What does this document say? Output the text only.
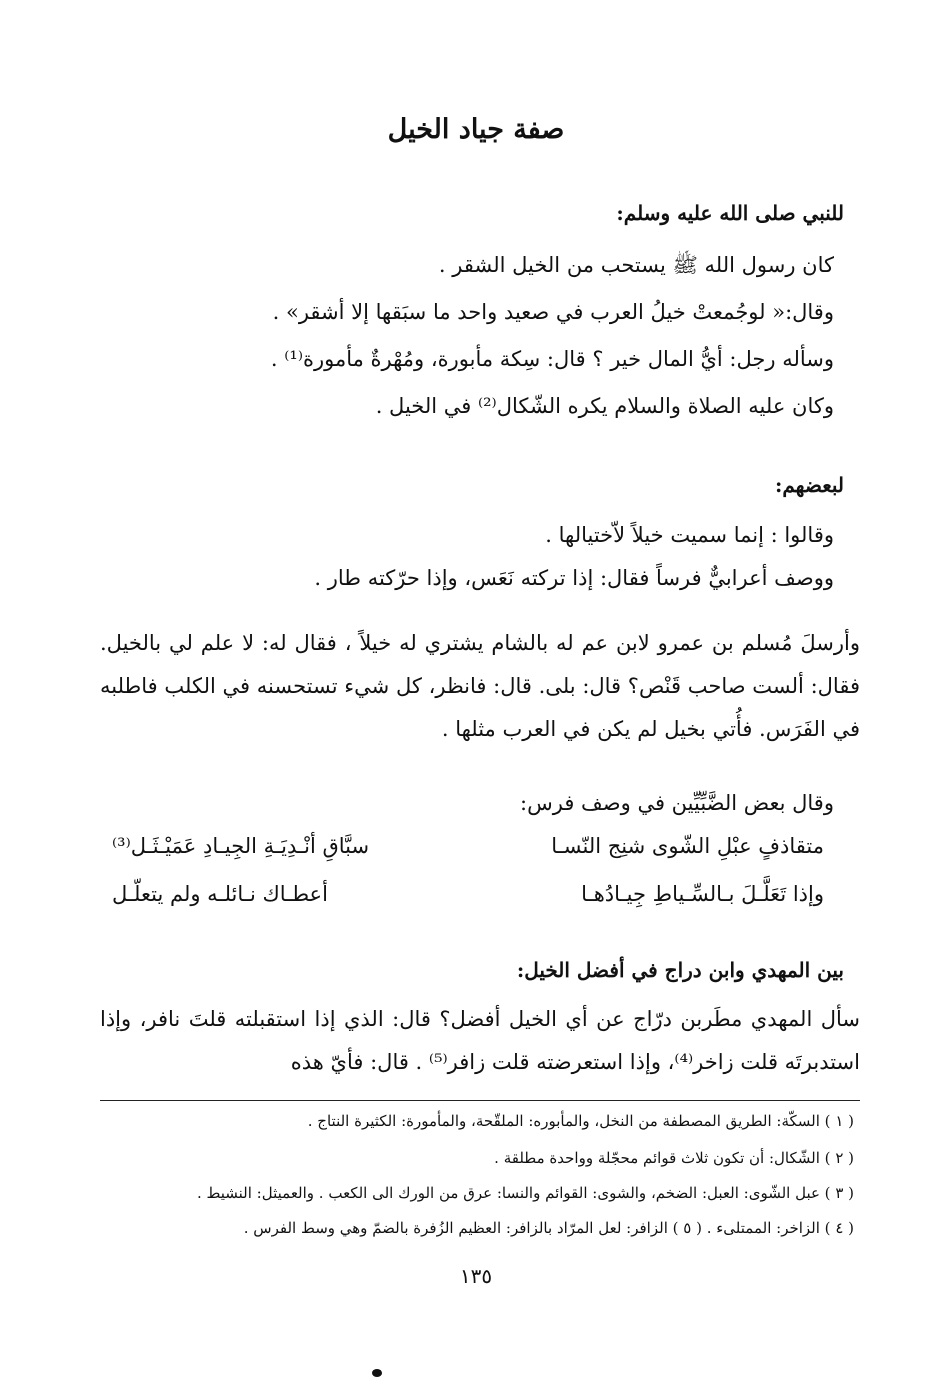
صفة جياد الخيل
للنبي صلى الله عليه وسلم:
كان رسول الله ﷺ يستحب من الخيل الشقر .
وقال:« لوجُمعتْ خيلُ العرب في صعيد واحد ما سبَقها إلا أشقر» .
وسأله رجل: أيُّ المال خير ؟ قال: سِكة مأبورة، ومُهْرةٌ مأمورة⁽¹⁾ .
وكان عليه الصلاة والسلام يكره الشّكال⁽²⁾ في الخيل .
لبعضهم:
وقالوا : إنما سميت خيلاً لاّختيالها .
ووصف أعرابيٌّ فرساً فقال: إذا تركته نَعَس، وإذا حرّكته طار .
وأرسلَ مُسلم بن عمرو لابن عم له بالشام يشتري له خيلاً ، فقال له: لا علم لي بالخيل. فقال: ألست صاحب قَنْص؟ قال: بلى. قال: فانظر، كل شيء تستحسنه في الكلب فاطلبه في الفَرَس. فأُتي بخيل لم يكن في العرب مثلها .
وقال بعض الضَّبِّيِّين في وصف فرس:
متقاذفٍ عبْلِ الشّوى شنِج النّسـا
سبَّاقِ أنْـدِيَـةِ الجِيـادِ عَمَيْـثَـل⁽³⁾
وإذا تَعَلَّـلَ بـالسِّـياطِ جِيـادُهـا
أعطـاك نـائلـه ولم يتعلّـل
بين المهدي وابن دراج في أفضل الخيل:
سأل المهدي مطَربن درّاج عن أي الخيل أفضل؟ قال: الذي إذا استقبلته قلتَ نافر، وإذا استدبرتَه قلت زاخر⁽⁴⁾، وإذا استعرضته قلت زافر⁽⁵⁾ . قال: فأيّ هذه
( ١ ) السكّة: الطريق المصطفة من النخل، والمأبوره: الملقّحة، والمأمورة: الكثيرة النتاج .
( ٢ ) الشّكال: أن تكون ثلاث قوائم محجّلة وواحدة مطلقة .
( ٣ ) عبل الشّوى: العبل: الضخم، والشوى: القوائم والنسا: عرق من الورك الى الكعب . والعميثل: النشيط .
( ٤ ) الزاخر: الممتلىء . ( ٥ ) الزافر: لعل المرّاد بالزافر: العظيم الزُفرة بالضمّ وهي وسط الفرس .
١٣٥
